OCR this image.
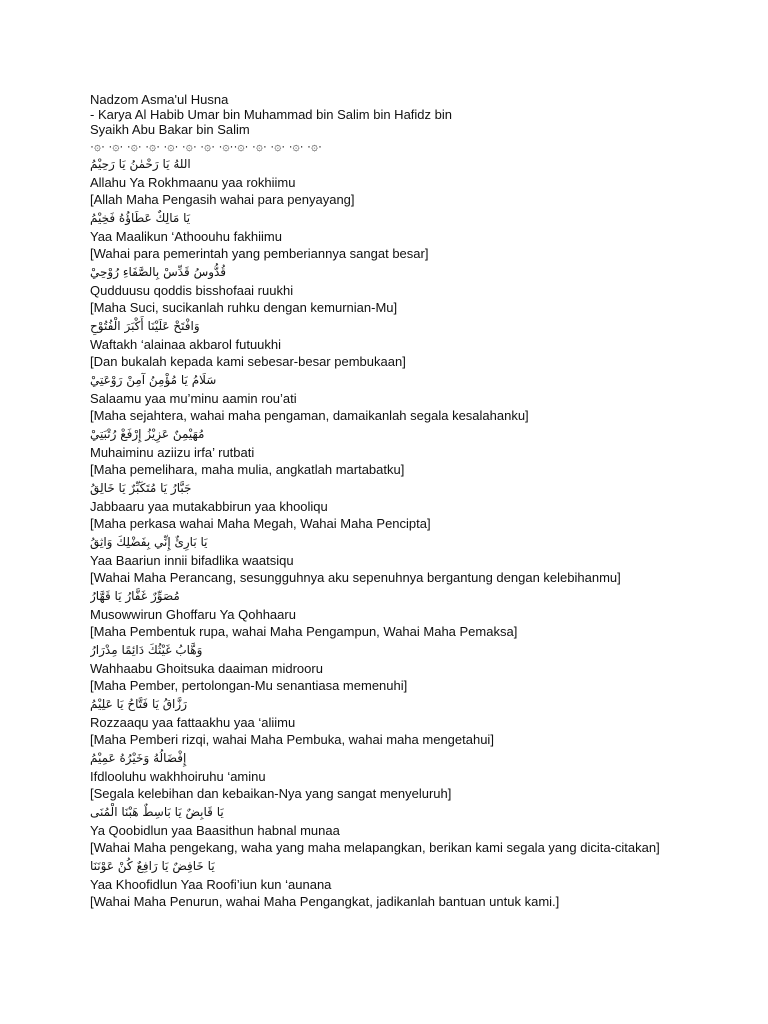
Nadzom Asma'ul Husna
- Karya Al Habib Umar bin Muhammad bin Salim bin Hafidz bin
Syaikh Abu Bakar bin Salim
·۞· ·۞· ·۞· ·۞· ·۞· ·۞· ·۞· ·۞··۞· ·۞· ·۞· ·۞· ·۞·
اللهُ يَا رَحْمٰنُ يَا رَحِيْمُ
Allahu Ya Rokhmaanu yaa rokhiimu
[Allah Maha Pengasih wahai para penyayang]
يَا مَالِكٌ عَطَاؤُهُ فَخِيْمُ
Yaa Maalikun ‘Athoouhu fakhiimu
[Wahai para pemerintah yang pemberiannya sangat besar]
قُدُّوسُ قَدِّسْ بِالصَّفَاءِ رُوْحِيْ
Qudduusu qoddis bisshofaai ruukhi
[Maha Suci, sucikanlah ruhku dengan kemurnian-Mu]
وَافْتَحْ عَلَيْنَا أَكْبَرَ الْفُتُوْحِ
Waftakh ‘alainaa akbarol futuukhi
[Dan bukalah kepada kami sebesar-besar pembukaan]
سَلَامُ يَا مُؤْمِنُ آمِنْ رَوْعَتِيْ
Salaamu yaa mu’minu aamin rou’ati
[Maha sejahtera, wahai maha pengaman, damaikanlah segala kesalahanku]
مُهَيْمِنٌ عَزِيْزُ إِرْفَعْ رُتْبَتِيْ
Muhaiminu aziizu irfa’ rutbati
[Maha pemelihara, maha mulia, angkatlah martabatku]
جَبَّارُ يَا مُتَكَبِّرٌ يَا خَالِقُ
Jabbaaru yaa mutakabbirun yaa khooliqu
[Maha perkasa wahai Maha Megah, Wahai Maha Pencipta]
يَا بَارِئٌ إِنِّي بِفَضْلِكَ وَاثِقُ
Yaa Baariun innii bifadlika waatsiqu
[Wahai Maha Perancang, sesungguhnya aku sepenuhnya bergantung dengan kelebihanmu]
مُصَوِّرٌ غَفَّارُ يَا قَهَّارُ
Musowwirun Ghoffaru Ya Qohhaaru
[Maha Pembentuk rupa, wahai Maha Pengampun, Wahai Maha Pemaksa]
وَهَّابُ غَيْثُكَ دَائِمًا مِدْرَارُ
Wahhaabu Ghoitsuka daaiman midrooru
[Maha Pember, pertolongan-Mu senantiasa memenuhi]
رَزَّاقُ يَا فَتَّاحُ يَا عَلِيْمُ
Rozzaaqu yaa fattaakhu yaa ‘aliimu
[Maha Pemberi rizqi, wahai Maha Pembuka, wahai maha mengetahui]
إِفْضَالُهُ وَخَيْرُهُ عَمِيْمُ
Ifdlooluhu wakhhoiruhu ‘aminu
[Segala kelebihan dan kebaikan-Nya yang sangat menyeluruh]
يَا قَابِضٌ يَا بَاسِطٌ هَبْنَا الْمُنَى
Ya Qoobidlun yaa Baasithun habnal munaa
[Wahai Maha pengekang, waha yang maha melapangkan, berikan kami segala yang dicita-citakan]
يَا خَافِضٌ يَا رَافِعٌ كُنْ عَوْنَنَا
Yaa Khoofidlun Yaa Roofi’iun kun ‘aunana
[Wahai Maha Penurun, wahai Maha Pengangkat, jadikanlah bantuan untuk kami.]
